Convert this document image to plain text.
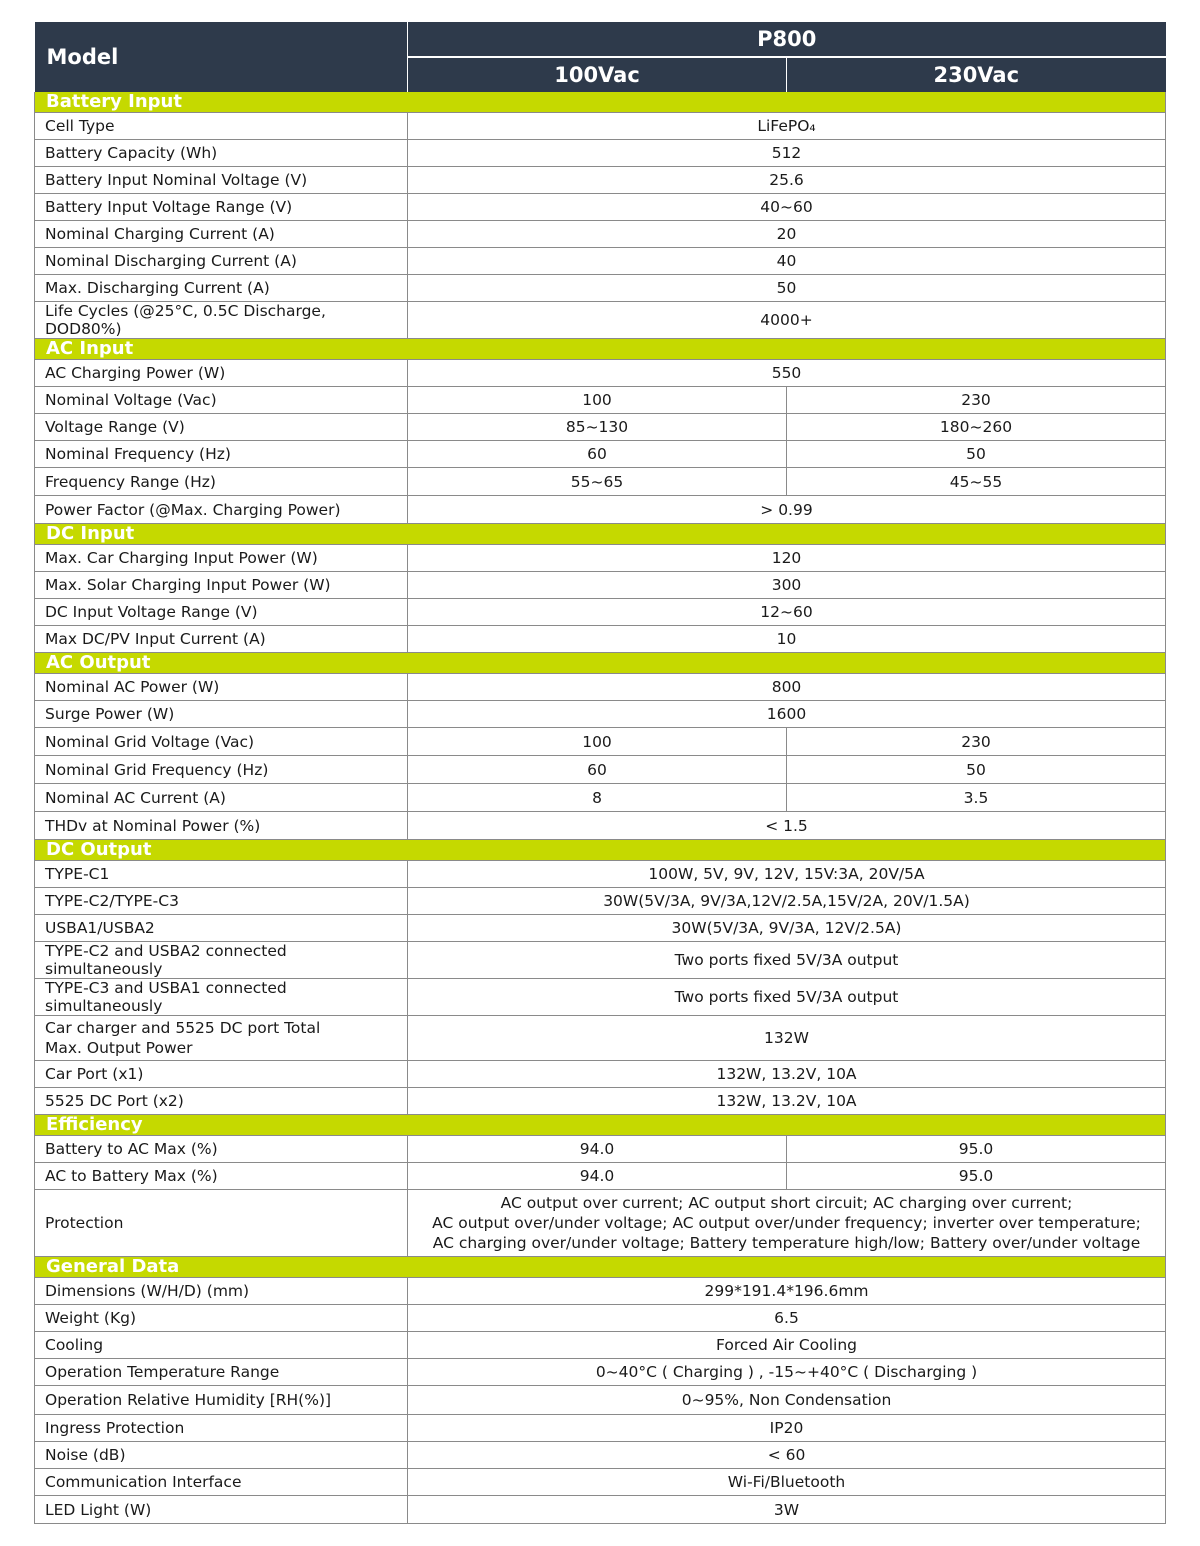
Model	P800	
	100Vac	230Vac
Battery Input		
Cell Type	LiFePO₄	
Battery Capacity (Wh)	512	
Battery Input Nominal Voltage (V)	25.6	
Battery Input Voltage Range (V)	40~60	
Nominal Charging Current (A)	20	
Nominal Discharging Current (A)	40	
Max. Discharging Current (A)	50	
Life Cycles (@25°C, 0.5C Discharge, DOD80%)	4000+	
AC Input		
AC Charging Power (W)	550	
Nominal Voltage (Vac)	100	230
Voltage Range (V)	85~130	180~260
Nominal Frequency (Hz)	60	50
Frequency Range (Hz)	55~65	45~55
Power Factor (@Max. Charging Power)	> 0.99	
DC Input		
Max. Car Charging Input Power (W)	120	
Max. Solar Charging Input Power (W)	300	
DC Input Voltage Range (V)	12~60	
Max DC/PV Input Current (A)	10	
AC Output		
Nominal AC Power (W)	800	
Surge Power (W)	1600	
Nominal Grid Voltage (Vac)	100	230
Nominal Grid Frequency (Hz)	60	50
Nominal AC Current (A)	8	3.5
THDv at Nominal Power (%)	< 1.5	
DC Output		
TYPE-C1	100W, 5V, 9V, 12V, 15V:3A, 20V/5A	
TYPE-C2/TYPE-C3	30W(5V/3A, 9V/3A,12V/2.5A,15V/2A, 20V/1.5A)	
USBA1/USBA2	30W(5V/3A, 9V/3A, 12V/2.5A)	
TYPE-C2 and USBA2 connected simultaneously	Two ports fixed 5V/3A output	
TYPE-C3 and USBA1 connected simultaneously	Two ports fixed 5V/3A output	

Car charger and 5525 DC port Total
Max. Output Power	132W	
Car Port (x1)	132W, 13.2V, 10A	
5525 DC Port (x2)	132W, 13.2V, 10A	
Efficiency		
Battery to AC Max (%)	94.0	95.0
AC to Battery Max (%)	94.0	95.0
Protection	AC output over current; AC output short circuit; AC charging over current;
AC output over/under voltage; AC output over/under frequency; inverter over temperature;
AC charging over/under voltage; Battery temperature high/low; Battery over/under voltage	

General Data		
Dimensions (W/H/D) (mm)	299*191.4*196.6mm	
Weight (Kg)	6.5	
Cooling	Forced Air Cooling	
Operation Temperature Range	0~40°C ( Charging ) , -15~+40°C ( Discharging )	
Operation Relative Humidity [RH(%)]	0~95%, Non Condensation	
Ingress Protection	IP20	
Noise (dB)	< 60	
Communication Interface	Wi-Fi/Bluetooth	
LED Light (W)	3W	
